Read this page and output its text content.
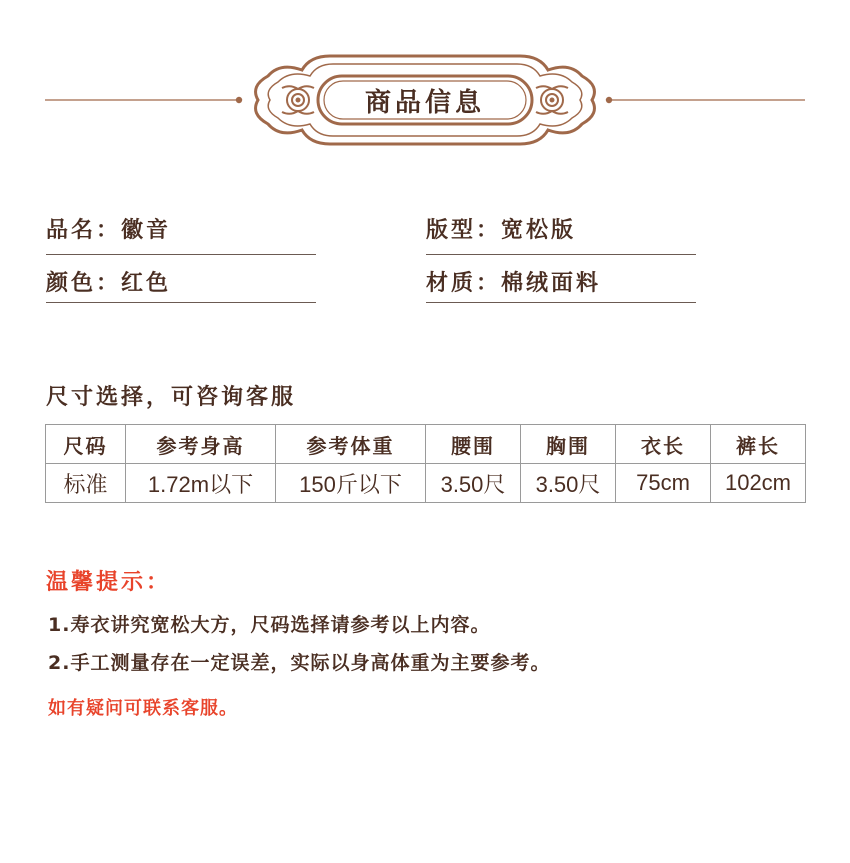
商品信息
品名：徽音	版型：宽松版
颜色：红色	材质：棉绒面料
尺寸选择，可咨询客服
尺码	参考身高	参考体重	腰围	胸围	衣长	裤长
标准	1.72m以下	150斤以下	3.50尺	3.50尺	75cm	102cm
温馨提示：
1.寿衣讲究宽松大方，尺码选择请参考以上内容。
2.手工测量存在一定误差，实际以身高体重为主要参考。
如有疑问可联系客服。
